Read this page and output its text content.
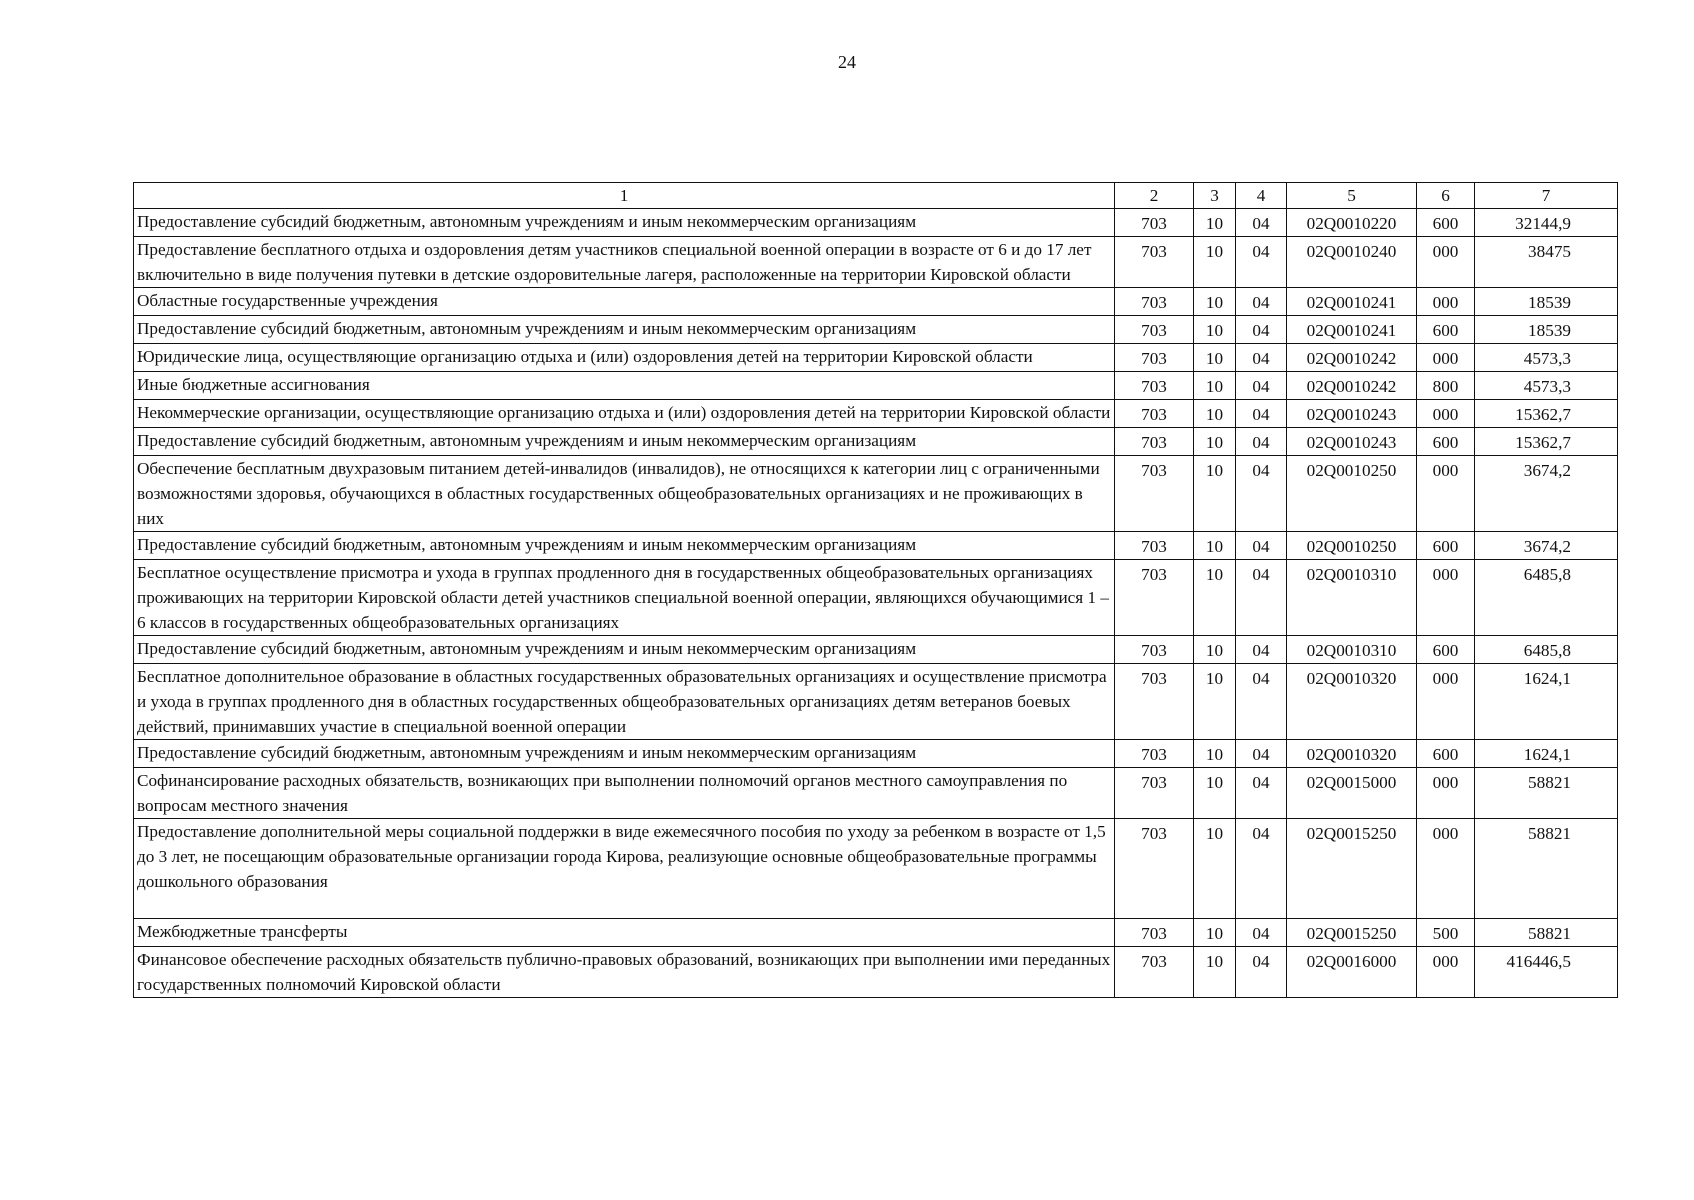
24
1	2	3	4	5	6	7
Предоставление субсидий бюджетным, автономным учреждениям и иным некоммерческим организациям	703	10	04	02Q0010220	600	32144,9
Предоставление бесплатного отдыха и оздоровления детям участников специальной военной операции в возрасте от 6 и до 17 лет включительно в виде получения путевки в детские оздоровительные лагеря, расположенные на территории Кировской области	703	10	04	02Q0010240	000	38475
Областные государственные учреждения	703	10	04	02Q0010241	000	18539
Предоставление субсидий бюджетным, автономным учреждениям и иным некоммерческим организациям	703	10	04	02Q0010241	600	18539
Юридические лица, осуществляющие организацию отдыха и (или) оздоровления детей на территории Кировской области	703	10	04	02Q0010242	000	4573,3
Иные бюджетные ассигнования	703	10	04	02Q0010242	800	4573,3
Некоммерческие организации, осуществляющие организацию отдыха и (или) оздоровления детей на территории Кировской области	703	10	04	02Q0010243	000	15362,7
Предоставление субсидий бюджетным, автономным учреждениям и иным некоммерческим организациям	703	10	04	02Q0010243	600	15362,7
Обеспечение бесплатным двухразовым питанием детей-инвалидов (инвалидов), не относящихся к категории лиц с ограниченными возможностями здоровья, обучающихся в областных государственных общеобразовательных организациях и не проживающих в них	703	10	04	02Q0010250	000	3674,2
Предоставление субсидий бюджетным, автономным учреждениям и иным некоммерческим организациям	703	10	04	02Q0010250	600	3674,2
Бесплатное осуществление присмотра и ухода в группах продленного дня в государственных общеобразовательных организациях проживающих на территории Кировской области детей участников специальной военной операции, являющихся обучающимися 1 – 6 классов в государственных общеобразовательных организациях	703	10	04	02Q0010310	000	6485,8
Предоставление субсидий бюджетным, автономным учреждениям и иным некоммерческим организациям	703	10	04	02Q0010310	600	6485,8
Бесплатное дополнительное образование в областных государственных образовательных организациях и осуществление присмотра и ухода в группах продленного дня в областных государственных общеобразовательных организациях детям ветеранов боевых действий, принимавших участие в специальной военной операции	703	10	04	02Q0010320	000	1624,1
Предоставление субсидий бюджетным, автономным учреждениям и иным некоммерческим организациям	703	10	04	02Q0010320	600	1624,1
Софинансирование расходных обязательств, возникающих при выполнении полномочий органов местного самоуправления по вопросам местного значения	703	10	04	02Q0015000	000	58821
Предоставление дополнительной меры социальной поддержки в виде ежемесячного пособия по уходу за ребенком в возрасте от 1,5 до 3 лет, не посещающим образовательные организации города Кирова, реализующие основные общеобразовательные программы дошкольного образования	703	10	04	02Q0015250	000	58821
Межбюджетные трансферты	703	10	04	02Q0015250	500	58821
Финансовое обеспечение расходных обязательств публично-правовых образований, возникающих при выполнении ими переданных государственных полномочий Кировской области	703	10	04	02Q0016000	000	416446,5
